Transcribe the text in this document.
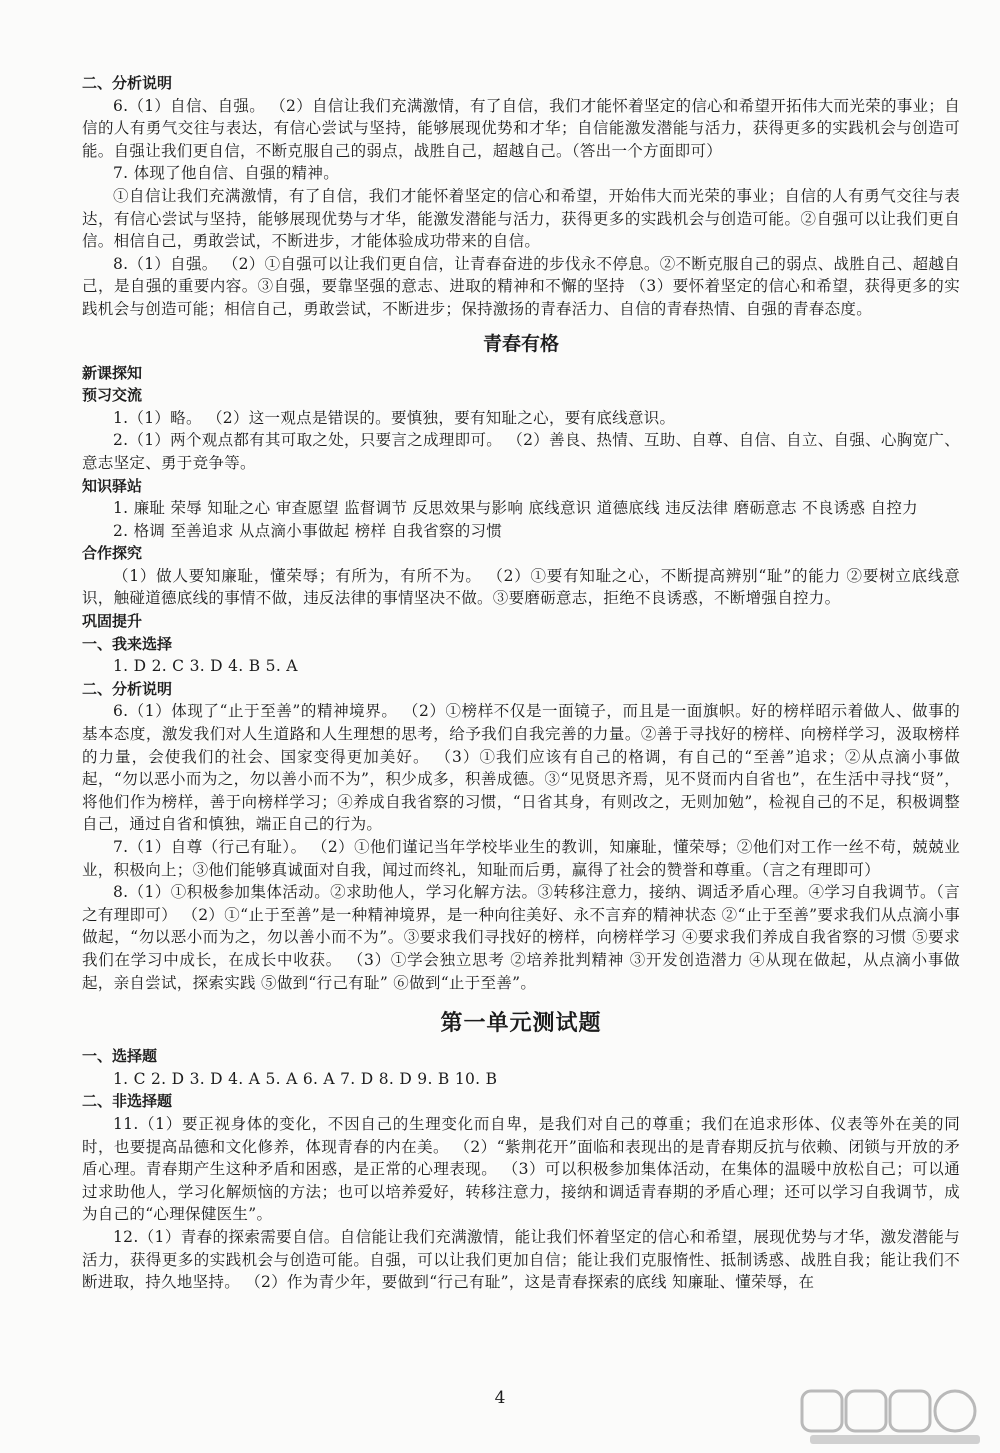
二、分析说明
6.（1）自信、自强。 （2）自信让我们充满激情，有了自信，我们才能怀着坚定的信心和希望开拓伟大而光荣的事业；自信的人有勇气交往与表达，有信心尝试与坚持，能够展现优势和才华；自信能激发潜能与活力，获得更多的实践机会与创造可能。自强让我们更自信，不断克服自己的弱点，战胜自己，超越自己。（答出一个方面即可）
7. 体现了他自信、自强的精神。
①自信让我们充满激情，有了自信，我们才能怀着坚定的信心和希望，开始伟大而光荣的事业；自信的人有勇气交往与表达，有信心尝试与坚持，能够展现优势与才华，能激发潜能与活力，获得更多的实践机会与创造可能。②自强可以让我们更自信。相信自己，勇敢尝试，不断进步，才能体验成功带来的自信。
8.（1）自强。 （2）①自强可以让我们更自信，让青春奋进的步伐永不停息。②不断克服自己的弱点、战胜自己、超越自己，是自强的重要内容。③自强，要靠坚强的意志、进取的精神和不懈的坚持 （3）要怀着坚定的信心和希望，获得更多的实践机会与创造可能；相信自己，勇敢尝试，不断进步；保持激扬的青春活力、自信的青春热情、自强的青春态度。
青春有格
新课探知
预习交流
1.（1）略。 （2）这一观点是错误的。要慎独，要有知耻之心，要有底线意识。
2.（1）两个观点都有其可取之处，只要言之成理即可。 （2）善良、热情、互助、自尊、自信、自立、自强、心胸宽广、意志坚定、勇于竞争等。
知识驿站
1. 廉耻 荣辱 知耻之心 审查愿望 监督调节 反思效果与影响 底线意识 道德底线 违反法律 磨砺意志 不良诱惑 自控力
2. 格调 至善追求 从点滴小事做起 榜样 自我省察的习惯
合作探究
（1）做人要知廉耻，懂荣辱；有所为，有所不为。 （2）①要有知耻之心，不断提高辨别“耻”的能力 ②要树立底线意识，触碰道德底线的事情不做，违反法律的事情坚决不做。③要磨砺意志，拒绝不良诱惑，不断增强自控力。
巩固提升
一、我来选择
1. D 2. C 3. D 4. B 5. A
二、分析说明
6.（1）体现了“止于至善”的精神境界。 （2）①榜样不仅是一面镜子，而且是一面旗帜。好的榜样昭示着做人、做事的基本态度，激发我们对人生道路和人生理想的思考，给予我们自我完善的力量。②善于寻找好的榜样、向榜样学习，汲取榜样的力量，会使我们的社会、国家变得更加美好。 （3）①我们应该有自己的格调，有自己的“至善”追求；②从点滴小事做起，“勿以恶小而为之，勿以善小而不为”，积少成多，积善成德。③“见贤思齐焉，见不贤而内自省也”，在生活中寻找“贤”，将他们作为榜样，善于向榜样学习；④养成自我省察的习惯，“日省其身，有则改之，无则加勉”，检视自己的不足，积极调整自己，通过自省和慎独，端正自己的行为。
7.（1）自尊（行己有耻）。 （2）①他们谨记当年学校毕业生的教训，知廉耻，懂荣辱；②他们对工作一丝不苟，兢兢业业，积极向上；③他们能够真诚面对自我，闻过而终礼，知耻而后勇，赢得了社会的赞誉和尊重。（言之有理即可）
8.（1）①积极参加集体活动。②求助他人，学习化解方法。③转移注意力，接纳、调适矛盾心理。④学习自我调节。（言之有理即可） （2）①“止于至善”是一种精神境界，是一种向往美好、永不言弃的精神状态 ②“止于至善”要求我们从点滴小事做起，“勿以恶小而为之，勿以善小而不为”。③要求我们寻找好的榜样，向榜样学习 ④要求我们养成自我省察的习惯 ⑤要求我们在学习中成长，在成长中收获。 （3）①学会独立思考 ②培养批判精神 ③开发创造潜力 ④从现在做起，从点滴小事做起，亲自尝试，探索实践 ⑤做到“行己有耻” ⑥做到“止于至善”。
第一单元测试题
一、选择题
1. C 2. D 3. D 4. A 5. A 6. A 7. D 8. D 9. B 10. B
二、非选择题
11.（1）要正视身体的变化，不因自己的生理变化而自卑，是我们对自己的尊重；我们在追求形体、仪表等外在美的同时，也要提高品德和文化修养，体现青春的内在美。 （2）“紫荆花开”面临和表现出的是青春期反抗与依赖、闭锁与开放的矛盾心理。青春期产生这种矛盾和困惑，是正常的心理表现。 （3）可以积极参加集体活动，在集体的温暖中放松自己；可以通过求助他人，学习化解烦恼的方法；也可以培养爱好，转移注意力，接纳和调适青春期的矛盾心理；还可以学习自我调节，成为自己的“心理保健医生”。
12.（1）青春的探索需要自信。自信能让我们充满激情，能让我们怀着坚定的信心和希望，展现优势与才华，激发潜能与活力，获得更多的实践机会与创造可能。自强，可以让我们更加自信；能让我们克服惰性、抵制诱惑、战胜自我；能让我们不断进取，持久地坚持。 （2）作为青少年，要做到“行己有耻”，这是青春探索的底线 知廉耻、懂荣辱，在
4
